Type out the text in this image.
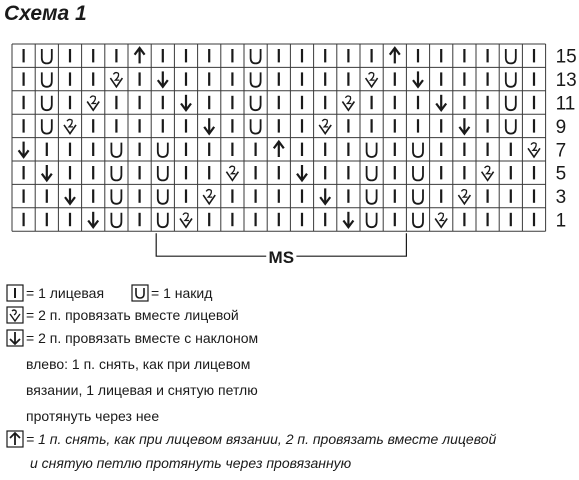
Схема 1
15
13
11
9
7
5
3
1
MS
= 1 лицевая	= 1 накид
= 2 п. провязать вместе лицевой
= 2 п. провязать вместе с наклоном
влево: 1 п. снять, как при лицевом
вязании, 1 лицевая и снятую петлю
протянуть через нее
= 1 п. снять, как при лицевом вязании, 2 п. провязать вместе лицевой
и снятую петлю протянуть через провязанную
